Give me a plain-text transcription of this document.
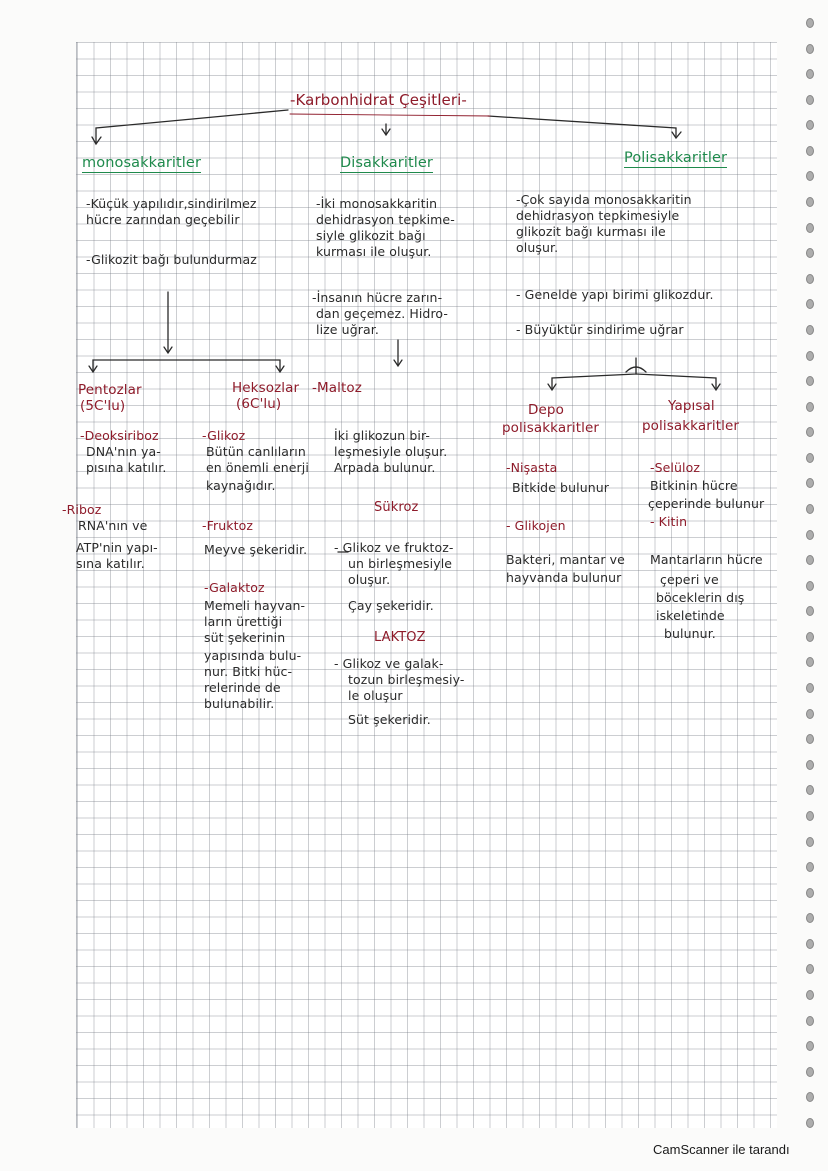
-Karbonhidrat Çeşitleri-
monosakkaritler	Disakkaritler	Polisakkaritler
-Küçük yapılıdır,sindirilmez
hücre zarından geçebilir
-Glikozit bağı bulundurmaz
-İki monosakkaritin
dehidrasyon tepkime-
siyle glikozit bağı
kurması ile oluşur.
-İnsanın hücre zarın-
dan geçemez. Hidro-
lize uğrar.
-Çok sayıda monosakkaritin
dehidrasyon tepkimesiyle
glikozit bağı kurması ile
oluşur.
- Genelde yapı birimi glikozdur.
- Büyüktür sindirime uğrar
Pentozlar
(5C'lu)
-Deoksiriboz
DNA'nın ya-
pısına katılır.
-Riboz
RNA'nın ve
ATP'nin yapı-
sına katılır.
Heksozlar
(6C'lu)
-Glikoz
Bütün canlıların
en önemli enerji
kaynağıdır.
-Fruktoz
Meyve şekeridir.
-Galaktoz
Memeli hayvan-
ların ürettiği
süt şekerinin
yapısında bulu-
nur. Bitki hüc-
relerinde de
bulunabilir.
-Maltoz
İki glikozun bir-
leşmesiyle oluşur.
Arpada bulunur.
Sükroz
- Glikoz ve fruktoz-
un birleşmesiyle
oluşur.
Çay şekeridir.
LAKTOZ
- Glikoz ve galak-
tozun birleşmesiy-
le oluşur
Süt şekeridir.
Depo
polisakkaritler
-Nişasta
Bitkide bulunur
- Glikojen
Bakteri, mantar ve
hayvanda bulunur
Yapısal
polisakkaritler
-Selüloz
Bitkinin hücre
çeperinde bulunur
- Kitin
Mantarların hücre
çeperi ve
böceklerin dış
iskeletinde
bulunur.
CamScanner ile tarandı
